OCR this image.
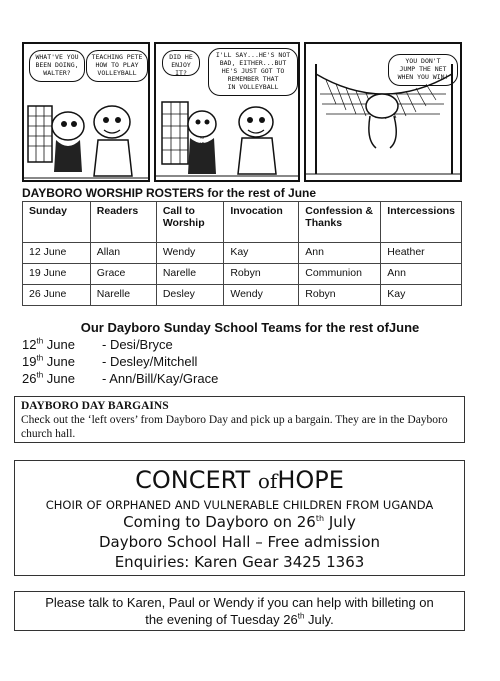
WHAT'VE YOU
BEEN DOING,
WALTER?
TEACHING PETE
HOW TO PLAY
VOLLEYBALL
DID HE
ENJOY IT?
I'LL SAY...HE'S NOT
BAD, EITHER...BUT
HE'S JUST GOT TO
REMEMBER THAT
IN VOLLEYBALL
YOU DON'T
JUMP THE NET
WHEN YOU WIN!
DAYBORO WORSHIP ROSTERS for the rest of June
Sunday	Readers	Call to Worship	Invocation	Confession & Thanks	Intercessions
12 June	Allan	Wendy	Kay	Ann	Heather
19 June	Grace	Narelle	Robyn	Communion	Ann
26 June	Narelle	Desley	Wendy	Robyn	Kay
Our Dayboro Sunday School Teams for the rest ofJune
12th June	- Desi/Bryce
19th June	- Desley/Mitchell
26th June	- Ann/Bill/Kay/Grace
DAYBORO DAY BARGAINS
Check out the ‘left overs’ from Dayboro Day and pick up a bargain. They are in the Dayboro church hall.
CONCERT ofHOPE
CHOIR OF ORPHANED AND VULNERABLE CHILDREN FROM UGANDA
Coming to Dayboro on 26th July
Dayboro School Hall – Free admission
Enquiries: Karen Gear 3425 1363
Please talk to Karen, Paul or Wendy if you can help with billeting on
the evening of Tuesday 26th July.
